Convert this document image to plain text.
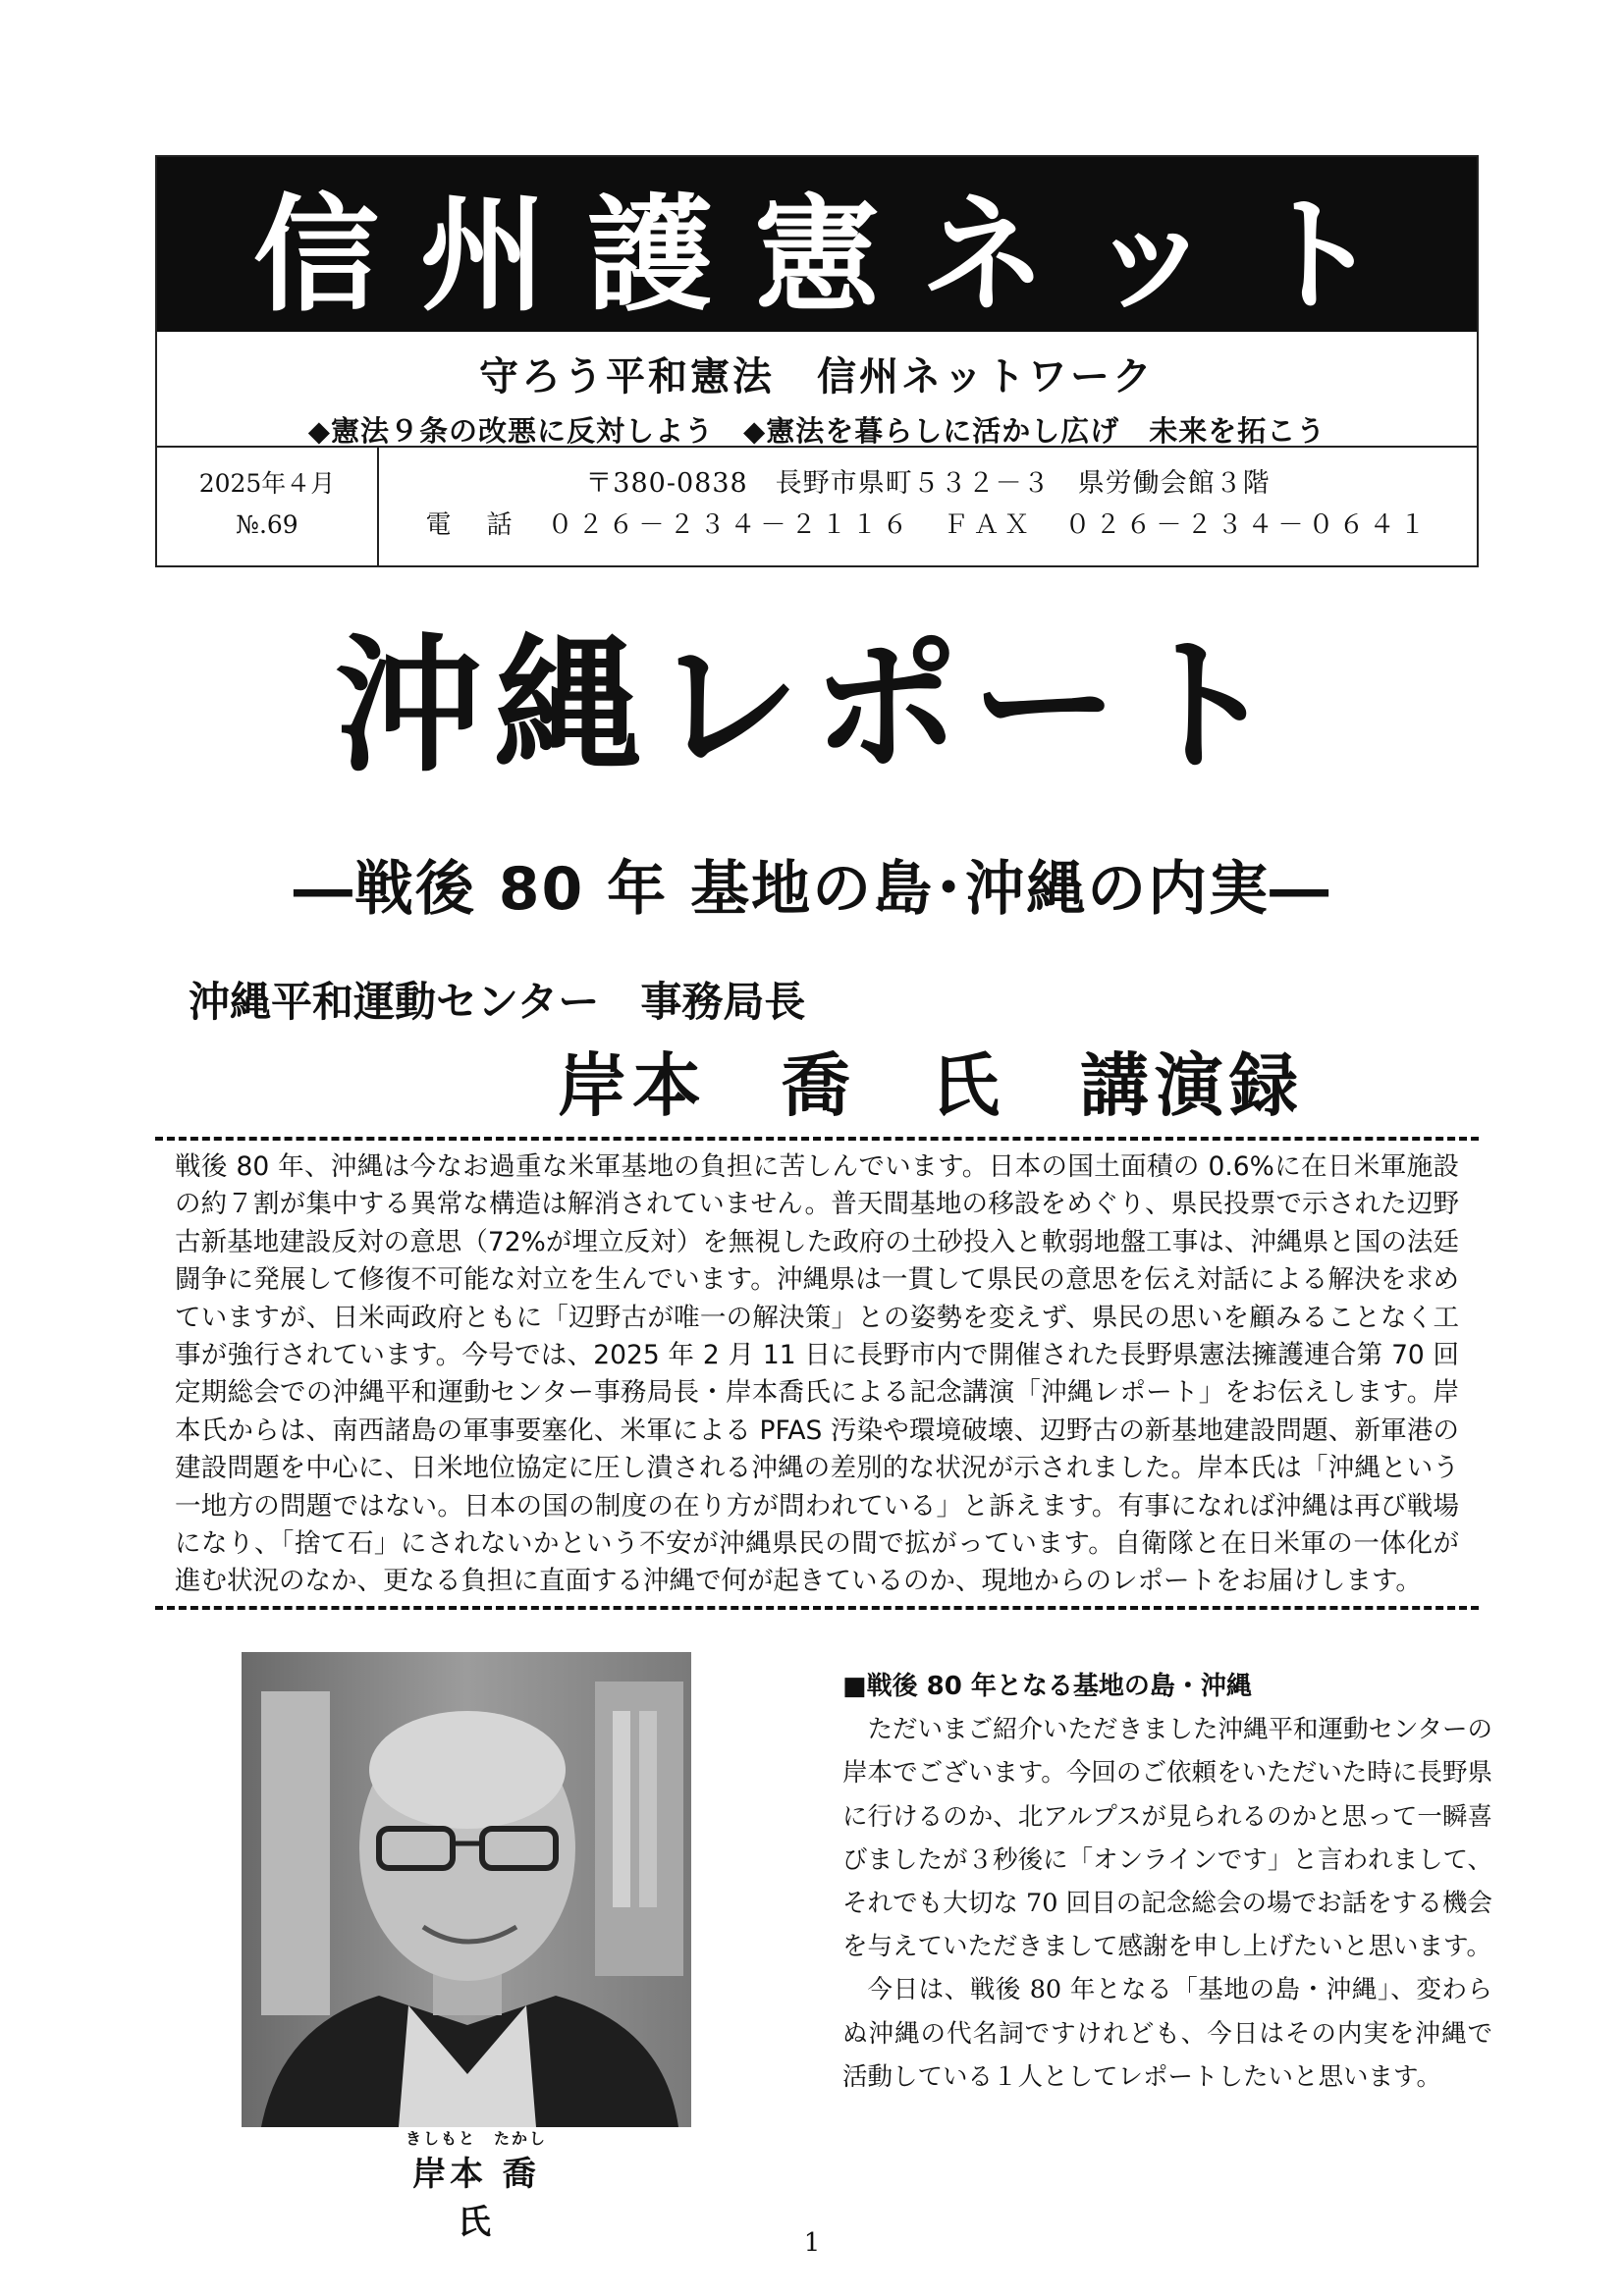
信州護憲ネット
守ろう平和憲法　信州ネットワーク
◆憲法９条の改悪に反対しよう　◆憲法を暮らしに活かし広げ　未来を拓こう
2025年４月
№.69
〒380-0838　長野市県町５３２－３　県労働会館３階
電　話　０２６－２３４－２１１６　ＦＡＸ　０２６－２３４－０６４１
沖縄レポート
―戦後 80 年 基地の島･沖縄の内実―
沖縄平和運動センター　事務局長
岸本　喬　氏　講演録
戦後 80 年、沖縄は今なお過重な米軍基地の負担に苦しんでいます。日本の国土面積の 0.6%に在日米軍施設の約７割が集中する異常な構造は解消されていません。普天間基地の移設をめぐり、県民投票で示された辺野古新基地建設反対の意思（72%が埋立反対）を無視した政府の土砂投入と軟弱地盤工事は、沖縄県と国の法廷闘争に発展して修復不可能な対立を生んでいます。沖縄県は一貫して県民の意思を伝え対話による解決を求めていますが、日米両政府ともに「辺野古が唯一の解決策」との姿勢を変えず、県民の思いを顧みることなく工事が強行されています。今号では、2025 年 2 月 11 日に長野市内で開催された長野県憲法擁護連合第 70 回定期総会での沖縄平和運動センター事務局長・岸本喬氏による記念講演「沖縄レポート」をお伝えします。岸本氏からは、南西諸島の軍事要塞化、米軍による PFAS 汚染や環境破壊、辺野古の新基地建設問題、新軍港の建設問題を中心に、日米地位協定に圧し潰される沖縄の差別的な状況が示されました。岸本氏は「沖縄という一地方の問題ではない。日本の国の制度の在り方が問われている」と訴えます。有事になれば沖縄は再び戦場になり、「捨て石」にされないかという不安が沖縄県民の間で拡がっています。自衛隊と在日米軍の一体化が進む状況のなか、更なる負担に直面する沖縄で何が起きているのか、現地からのレポートをお届けします。
きしもと　たかし
岸本 喬 氏
■戦後 80 年となる基地の島・沖縄

ただいまご紹介いただきました沖縄平和運動センターの岸本でございます。今回のご依頼をいただいた時に長野県に行けるのか、北アルプスが見られるのかと思って一瞬喜びましたが３秒後に「オンラインです」と言われまして、それでも大切な 70 回目の記念総会の場でお話をする機会を与えていただきまして感謝を申し上げたいと思います。

今日は、戦後 80 年となる「基地の島・沖縄」、変わらぬ沖縄の代名詞ですけれども、今日はその内実を沖縄で活動している１人としてレポートしたいと思います。

1
